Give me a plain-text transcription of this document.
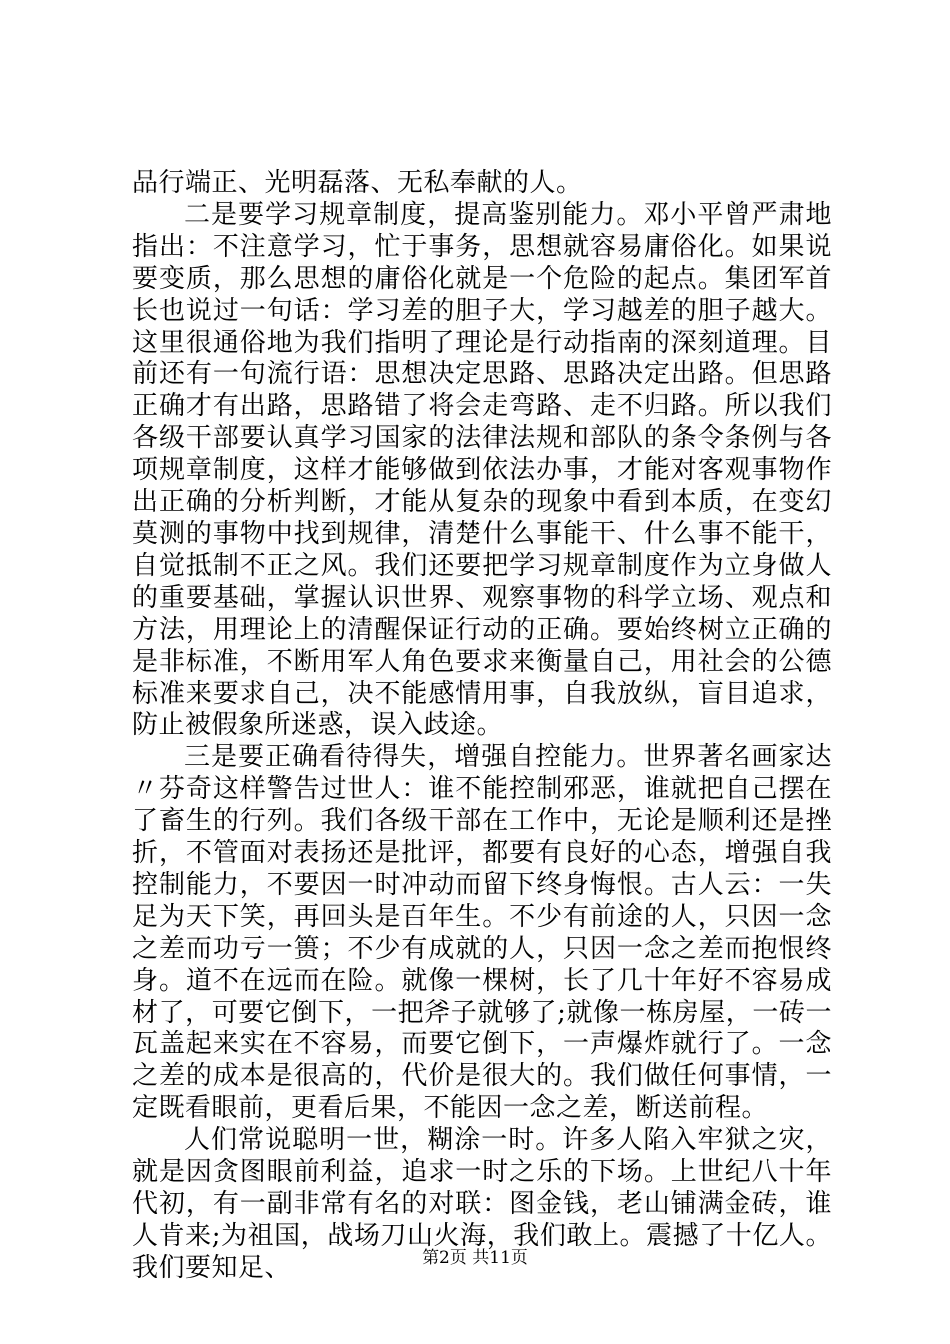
品行端正、光明磊落、无私奉献的人。

二是要学习规章制度，提高鉴别能力。邓小平曾严肃地指出：不注意学习，忙于事务，思想就容易庸俗化。如果说要变质，那么思想的庸俗化就是一个危险的起点。集团军首长也说过一句话：学习差的胆子大，学习越差的胆子越大。这里很通俗地为我们指明了理论是行动指南的深刻道理。目前还有一句流行语：思想决定思路、思路决定出路。但思路正确才有出路，思路错了将会走弯路、走不归路。所以我们各级干部要认真学习国家的法律法规和部队的条令条例与各项规章制度，这样才能够做到依法办事，才能对客观事物作出正确的分析判断，才能从复杂的现象中看到本质，在变幻莫测的事物中找到规律，清楚什么事能干、什么事不能干，自觉抵制不正之风。我们还要把学习规章制度作为立身做人的重要基础，掌握认识世界、观察事物的科学立场、观点和方法，用理论上的清醒保证行动的正确。要始终树立正确的是非标准，不断用军人角色要求来衡量自己，用社会的公德标准来要求自己，决不能感情用事，自我放纵，盲目追求，防止被假象所迷惑，误入歧途。

三是要正确看待得失，增强自控能力。世界著名画家达〃芬奇这样警告过世人：谁不能控制邪恶，谁就把自己摆在了畜生的行列。我们各级干部在工作中，无论是顺利还是挫折，不管面对表扬还是批评，都要有良好的心态，增强自我控制能力，不要因一时冲动而留下终身悔恨。古人云：一失足为天下笑，再回头是百年生。不少有前途的人，只因一念之差而功亏一篑；不少有成就的人，只因一念之差而抱恨终身。道不在远而在险。就像一棵树，长了几十年好不容易成材了，可要它倒下，一把斧子就够了;就像一栋房屋，一砖一瓦盖起来实在不容易，而要它倒下，一声爆炸就行了。一念之差的成本是很高的，代价是很大的。我们做任何事情，一定既看眼前，更看后果，不能因一念之差，断送前程。

人们常说聪明一世，糊涂一时。许多人陷入牢狱之灾，就是因贪图眼前利益，追求一时之乐的下场。上世纪八十年代初，有一副非常有名的对联：图金钱，老山铺满金砖，谁人肯来;为祖国，战场刀山火海，我们敢上。震撼了十亿人。我们要知足、	第2页 共11页
